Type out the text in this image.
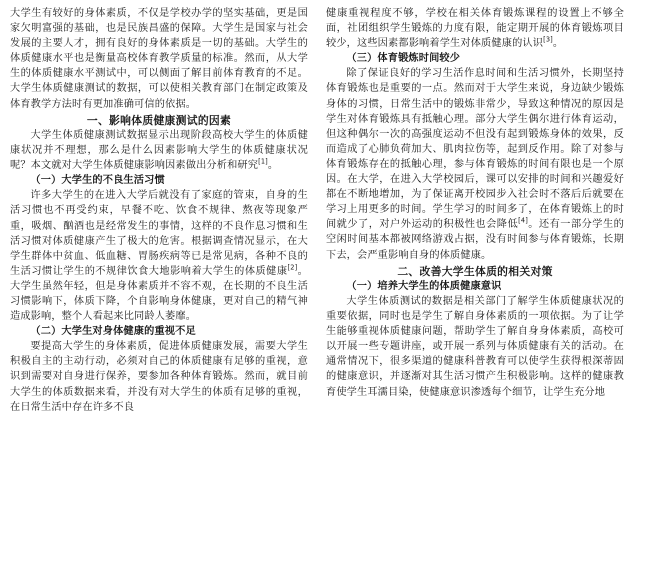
大学生有较好的身体素质，不仅是学校办学的坚实基础，更是国家欠明富强的基础，也是民族昌盛的保障。大学生是国家与社会发展的主要人才，拥有良好的身体素质是一切的基础。大学生的体质健康水平也是衡量高校体育教学质量的标准。然而，从大学生的体质健康水平测试中，可以侧面了解目前体育教育的不足。大学生体质健康测试的数据，可以使相关教育部门在制定政策及体育教学方法时有更加准确可信的依据。

一、影响体质健康测试的因素

大学生体质健康测试数据显示出现阶段高校大学生的体质健康状况并不理想，那么是什么因素影响大学生的体质健康状况呢？本文就对大学生体质健康影响因素做出分析和研究[1]。

（一）大学生的不良生活习惯

许多大学生的在进入大学后就没有了家庭的管束，自身的生活习惯也不再受约束，早餐不吃、饮食不规律、熬夜等现象严重，吸烟、酗酒也是经常发生的事情，这样的不良作息习惯和生活习惯对体质健康产生了极大的危害。根据调查情况显示，在大学生群体中贫血、低血糖、胃肠疾病等已是常见病，各种不良的生活习惯让学生的不规律饮食大地影响着大学生的体质健康[2]。大学生虽然年轻，但是身体素质并不容不观，在长期的不良生活习惯影响下，体质下降，个自影响身体健康，更对自己的精气神造成影响，整个人看起来比同龄人萎靡。

（二）大学生对身体健康的重视不足

要提高大学生的身体素质，促进体质健康发展，需要大学生积极自主的主动行动，必须对自己的体质健康有足够的重视，意识到需要对自身进行保养，要参加各种体育锻炼。然而，就目前大学生的体质数据来看，并没有对大学生的体质有足够的重视，在日常生活中存在许多不良

健康重视程度不够，学校在相关体育锻炼课程的设置上不够全面，社团组织学生锻炼的力度有限，能定期开展的体育锻炼项目较少，这些因素都影响着学生对体质健康的认识[3]。

（三）体育锻炼时间较少

除了保证良好的学习生活作息时间和生活习惯外，长期坚持体育锻炼也是重要的一点。然而对于大学生来说，身边缺少锻炼身体的习惯，日常生活中的锻炼非常少，导致这种情况的原因是学生对体育锻炼具有抵触心理。部分大学生偶尔进行体育运动，但这种偶尔一次的高强度运动不但没有起到锻炼身体的效果，反而造成了心肺负荷加大、肌肉拉伤等，起到反作用。除了对参与体育锻炼存在的抵触心理，参与体育锻炼的时间有限也是一个原因。在大学，在进入大学校园后，课可以安排的时间和兴趣爱好都在不断地增加，为了保证离开校园步入社会时不落后后就要在学习上用更多的时间。学生学习的时间多了，在体育锻炼上的时间就少了，对户外运动的积极性也会降低[4]。还有一部分学生的空闲时间基本都被网络游戏占据，没有时间参与体育锻炼，长期下去，会严重影响自身的体质健康。

二、改善大学生体质的相关对策
（一）培养大学生的体质健康意识

大学生体质测试的数据是相关部门了解学生体质健康状况的重要依据，同时也是学生了解自身体素质的一项依据。为了让学生能够重视体质健康问题，帮助学生了解自身身体素质，高校可以开展一些专题讲座，或开展一系列与体质健康有关的活动。在通常情况下，很多渠道的健康科普教育可以使学生获得根深蒂固的健康意识，并逐渐对其生活习惯产生积极影响。这样的健康教育使学生耳濡目染，使健康意识渗透每个细节，让学生充分地
